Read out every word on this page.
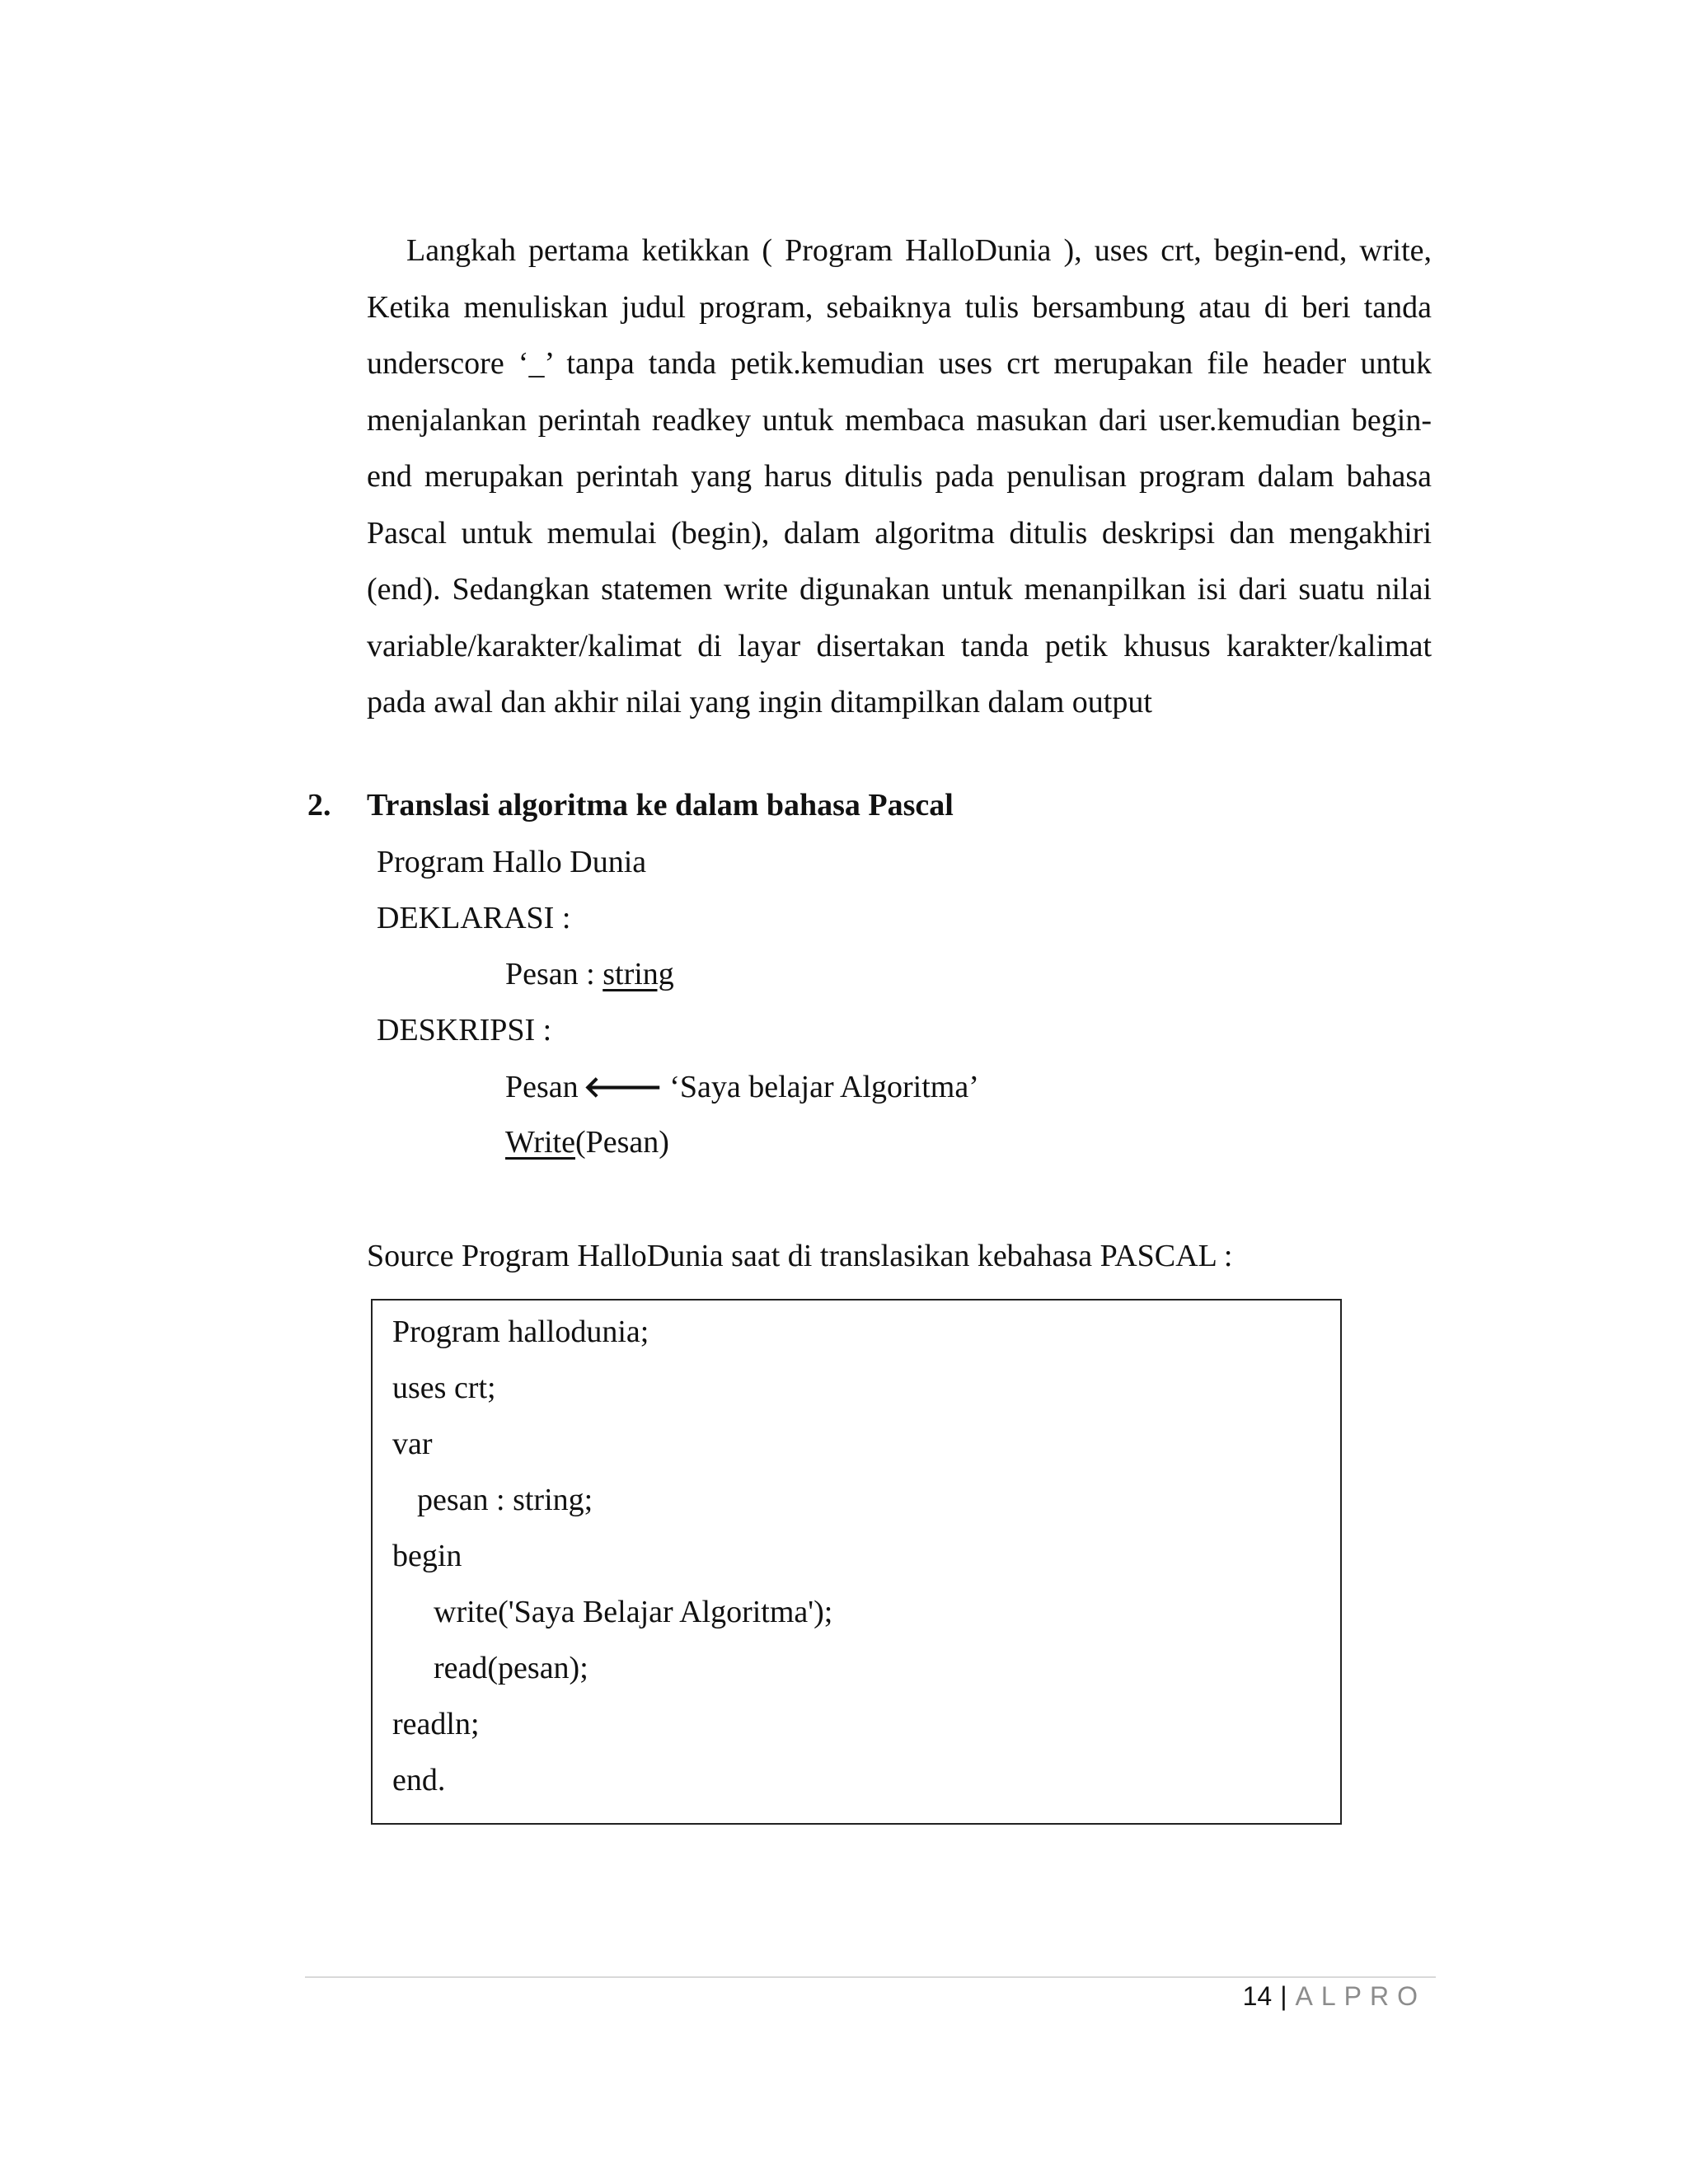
Langkah pertama ketikkan ( Program HalloDunia ), uses crt, begin-end, write, Ketika menuliskan judul program, sebaiknya tulis bersambung atau di beri tanda underscore ‘_’ tanpa tanda petik.kemudian uses crt merupakan file header untuk menjalankan perintah readkey untuk membaca masukan dari user.kemudian begin-end merupakan perintah yang harus ditulis pada penulisan program dalam bahasa Pascal untuk memulai (begin), dalam algoritma ditulis deskripsi dan mengakhiri (end). Sedangkan statemen write digunakan untuk menanpilkan isi dari suatu nilai variable/karakter/kalimat di layar disertakan tanda petik khusus karakter/kalimat pada awal dan akhir nilai yang ingin ditampilkan dalam output

2. Translasi algoritma ke dalam bahasa Pascal
Program Hallo Dunia
DEKLARASI :
Pesan : string
DESKRIPSI :
Pesan 🡐 ‘Saya belajar Algoritma’
Write(Pesan)
Source Program HalloDunia saat di translasikan kebahasa PASCAL :
Program hallodunia;
uses crt;
var
pesan : string;
begin
write('Saya Belajar Algoritma');
read(pesan);
readln;
end.
14 | ALPRO
